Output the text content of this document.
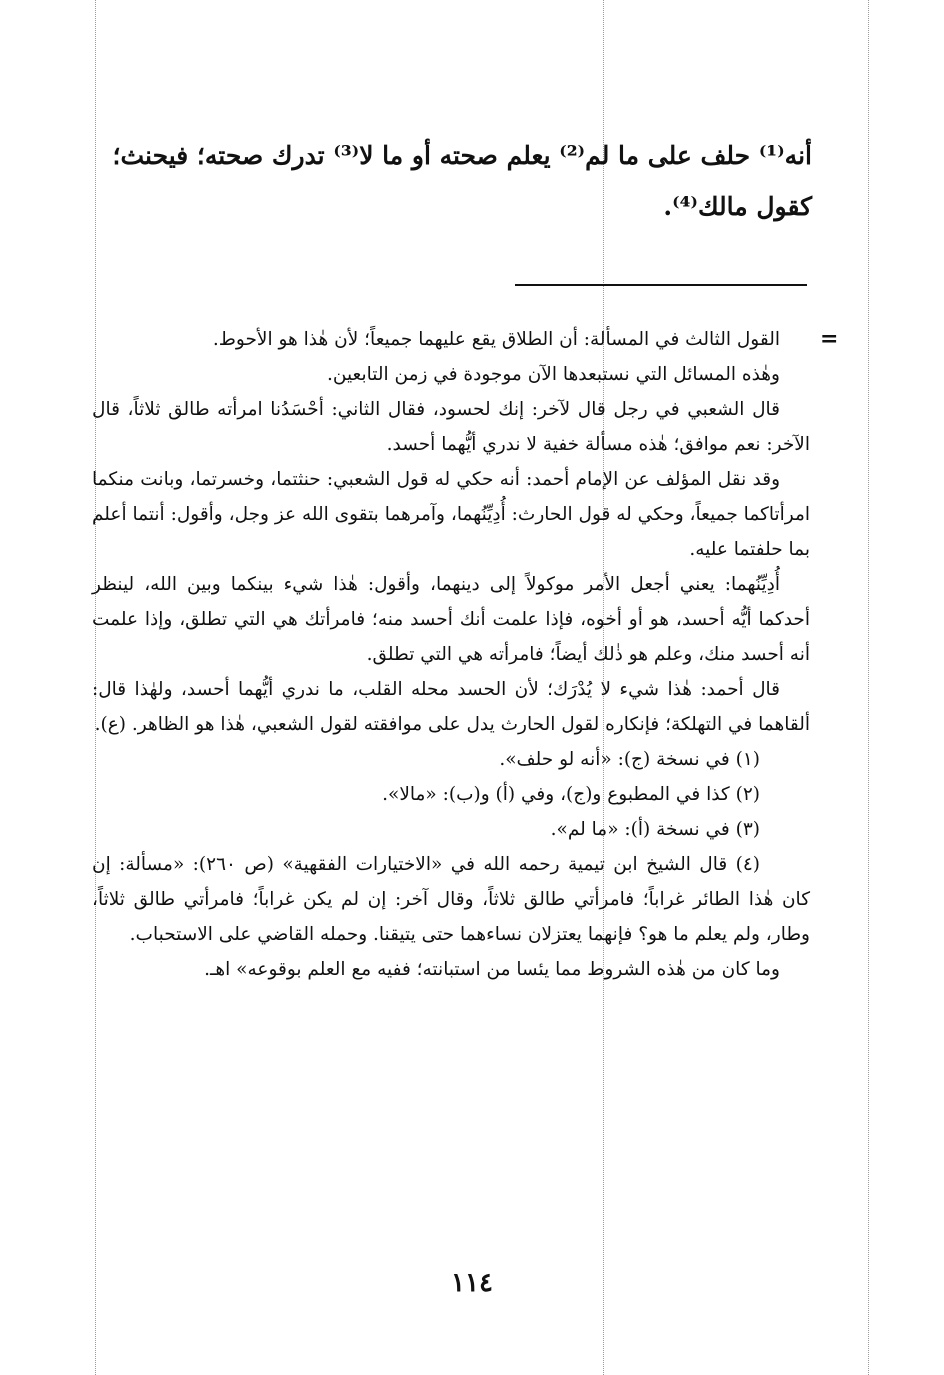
أنه⁽¹⁾ حلف على ما لم⁽²⁾ يعلم صحته أو ما لا⁽³⁾ تدرك صحته؛ فيحنث؛

كقول مالك⁽⁴⁾.

=

القول الثالث في المسألة: أن الطلاق يقع عليهما جميعاً؛ لأن هٰذا هو الأحوط.

وهٰذه المسائل التي نستبعدها الآن موجودة في زمن التابعين.

قال الشعبي في رجل قال لآخر: إنك لحسود، فقال الثاني: أحْسَدُنا امرأته طالق ثلاثاً، قال الآخر: نعم موافق؛ هٰذه مسألة خفية لا ندري أيُّهما أحسد.

وقد نقل المؤلف عن الإمام أحمد: أنه حكي له قول الشعبي: حنثتما، وخسرتما، وبانت منكما امرأتاكما جميعاً، وحكي له قول الحارث: أُدِيِّنُهما، وآمرهما بتقوى الله عز وجل، وأقول: أنتما أعلم بما حلفتما عليه.

أُدِيِّنُهما: يعني أجعل الأمر موكولاً إلى دينهما، وأقول: هٰذا شيء بينكما وبين الله، لينظر أحدكما أيُّه أحسد، هو أو أخوه، فإذا علمت أنك أحسد منه؛ فامرأتك هي التي تطلق، وإذا علمت أنه أحسد منك، وعلم هو ذٰلك أيضاً؛ فامرأته هي التي تطلق.

قال أحمد: هٰذا شيء لا يُدْرَك؛ لأن الحسد محله القلب، ما ندري أيُّهما أحسد، ولهٰذا قال: ألقاهما في التهلكة؛ فإنكاره لقول الحارث يدل على موافقته لقول الشعبي، هٰذا هو الظاهر. (ع).

(١) في نسخة (ج): «أنه لو حلف».

(٢) كذا في المطبوع و(ج)، وفي (أ) و(ب): «مالا».

(٣) في نسخة (أ): «ما لم».

(٤) قال الشيخ ابن تيمية رحمه الله في «الاختيارات الفقهية» (ص ٢٦٠): «مسألة: إن كان هٰذا الطائر غراباً؛ فامرأتي طالق ثلاثاً، وقال آخر: إن لم يكن غراباً؛ فامرأتي طالق ثلاثاً، وطار، ولم يعلم ما هو؟ فإنهما يعتزلان نساءهما حتى يتيقنا. وحمله القاضي على الاستحباب.

وما كان من هٰذه الشروط مما يئسا من استبانته؛ ففيه مع العلم بوقوعه» اهـ.

١١٤
